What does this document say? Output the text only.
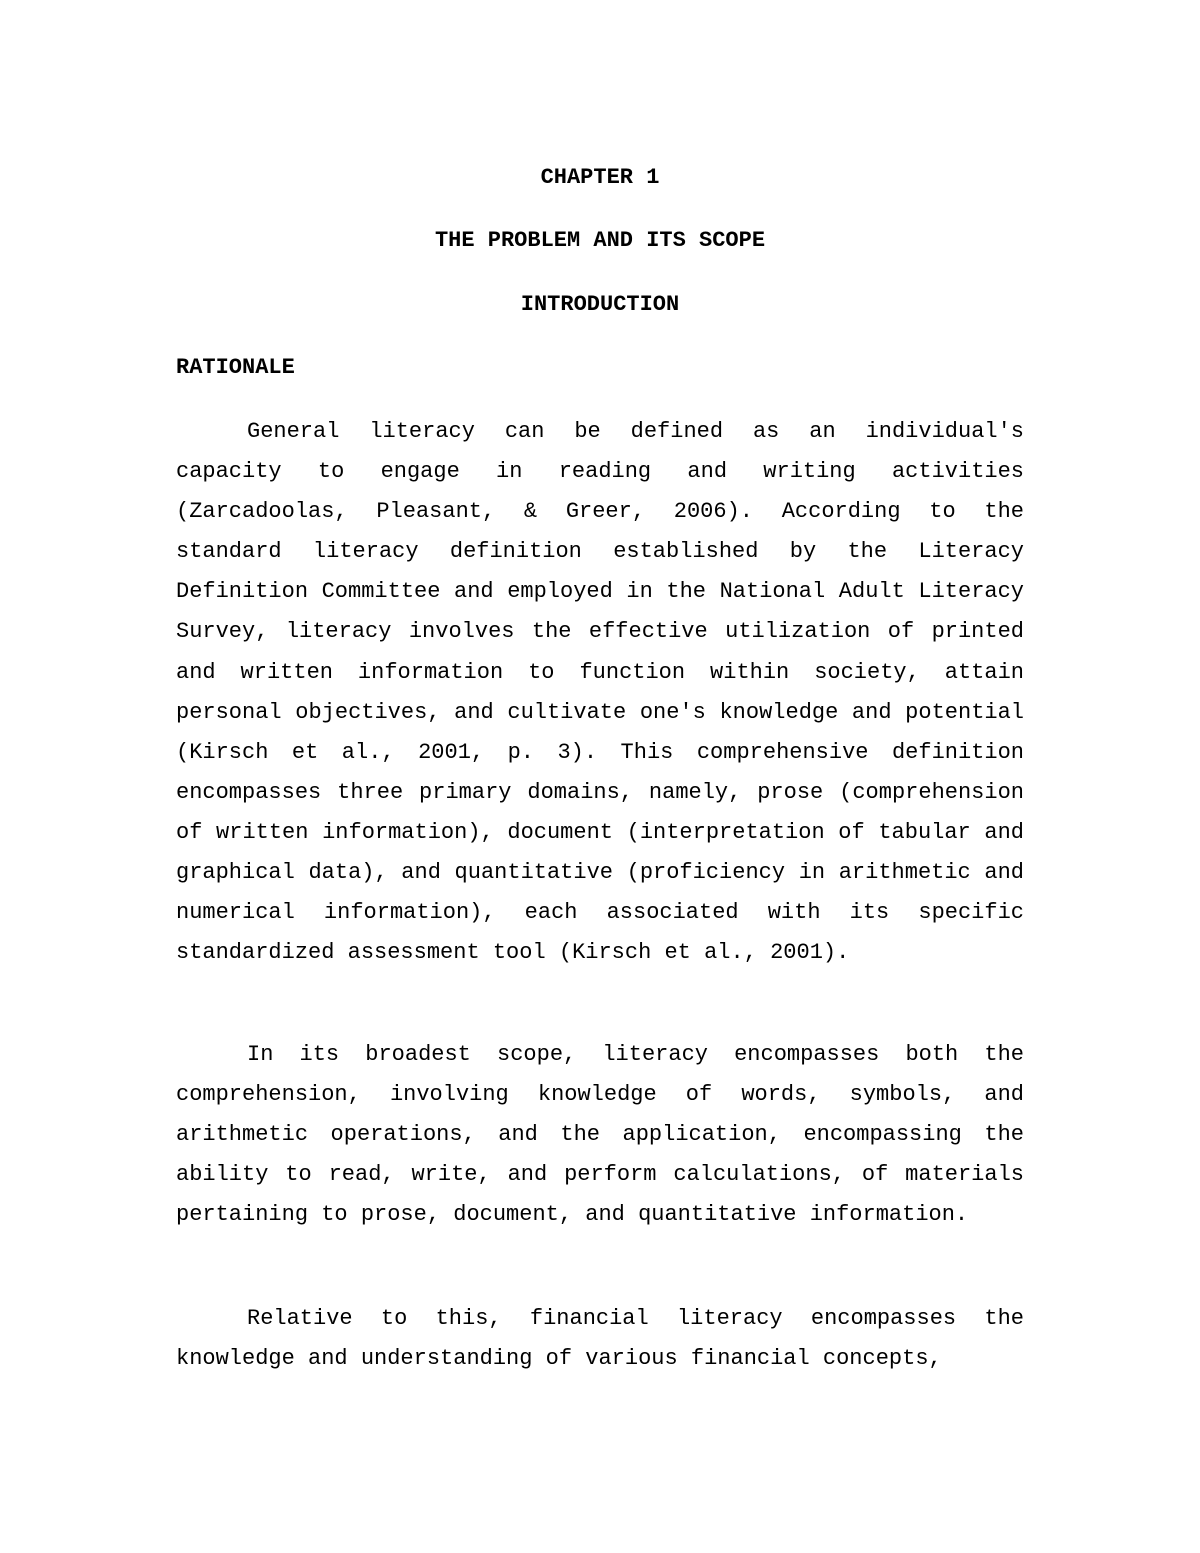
CHAPTER 1

THE PROBLEM AND ITS SCOPE

INTRODUCTION

RATIONALE

General literacy can be defined as an individual's capacity to engage in reading and writing activities (Zarcadoolas, Pleasant, & Greer, 2006). According to the standard literacy definition established by the Literacy Definition Committee and employed in the National Adult Literacy Survey, literacy involves the effective utilization of printed and written information to function within society, attain personal objectives, and cultivate one's knowledge and potential (Kirsch et al., 2001, p. 3). This comprehensive definition encompasses three primary domains, namely, prose (comprehension of written information), document (interpretation of tabular and graphical data), and quantitative (proficiency in arithmetic and numerical information), each associated with its specific standardized assessment tool (Kirsch et al., 2001).

In its broadest scope, literacy encompasses both the comprehension, involving knowledge of words, symbols, and arithmetic operations, and the application, encompassing the ability to read, write, and perform calculations, of materials pertaining to prose, document, and quantitative information.

Relative to this, financial literacy encompasses the knowledge and understanding of various financial concepts,
